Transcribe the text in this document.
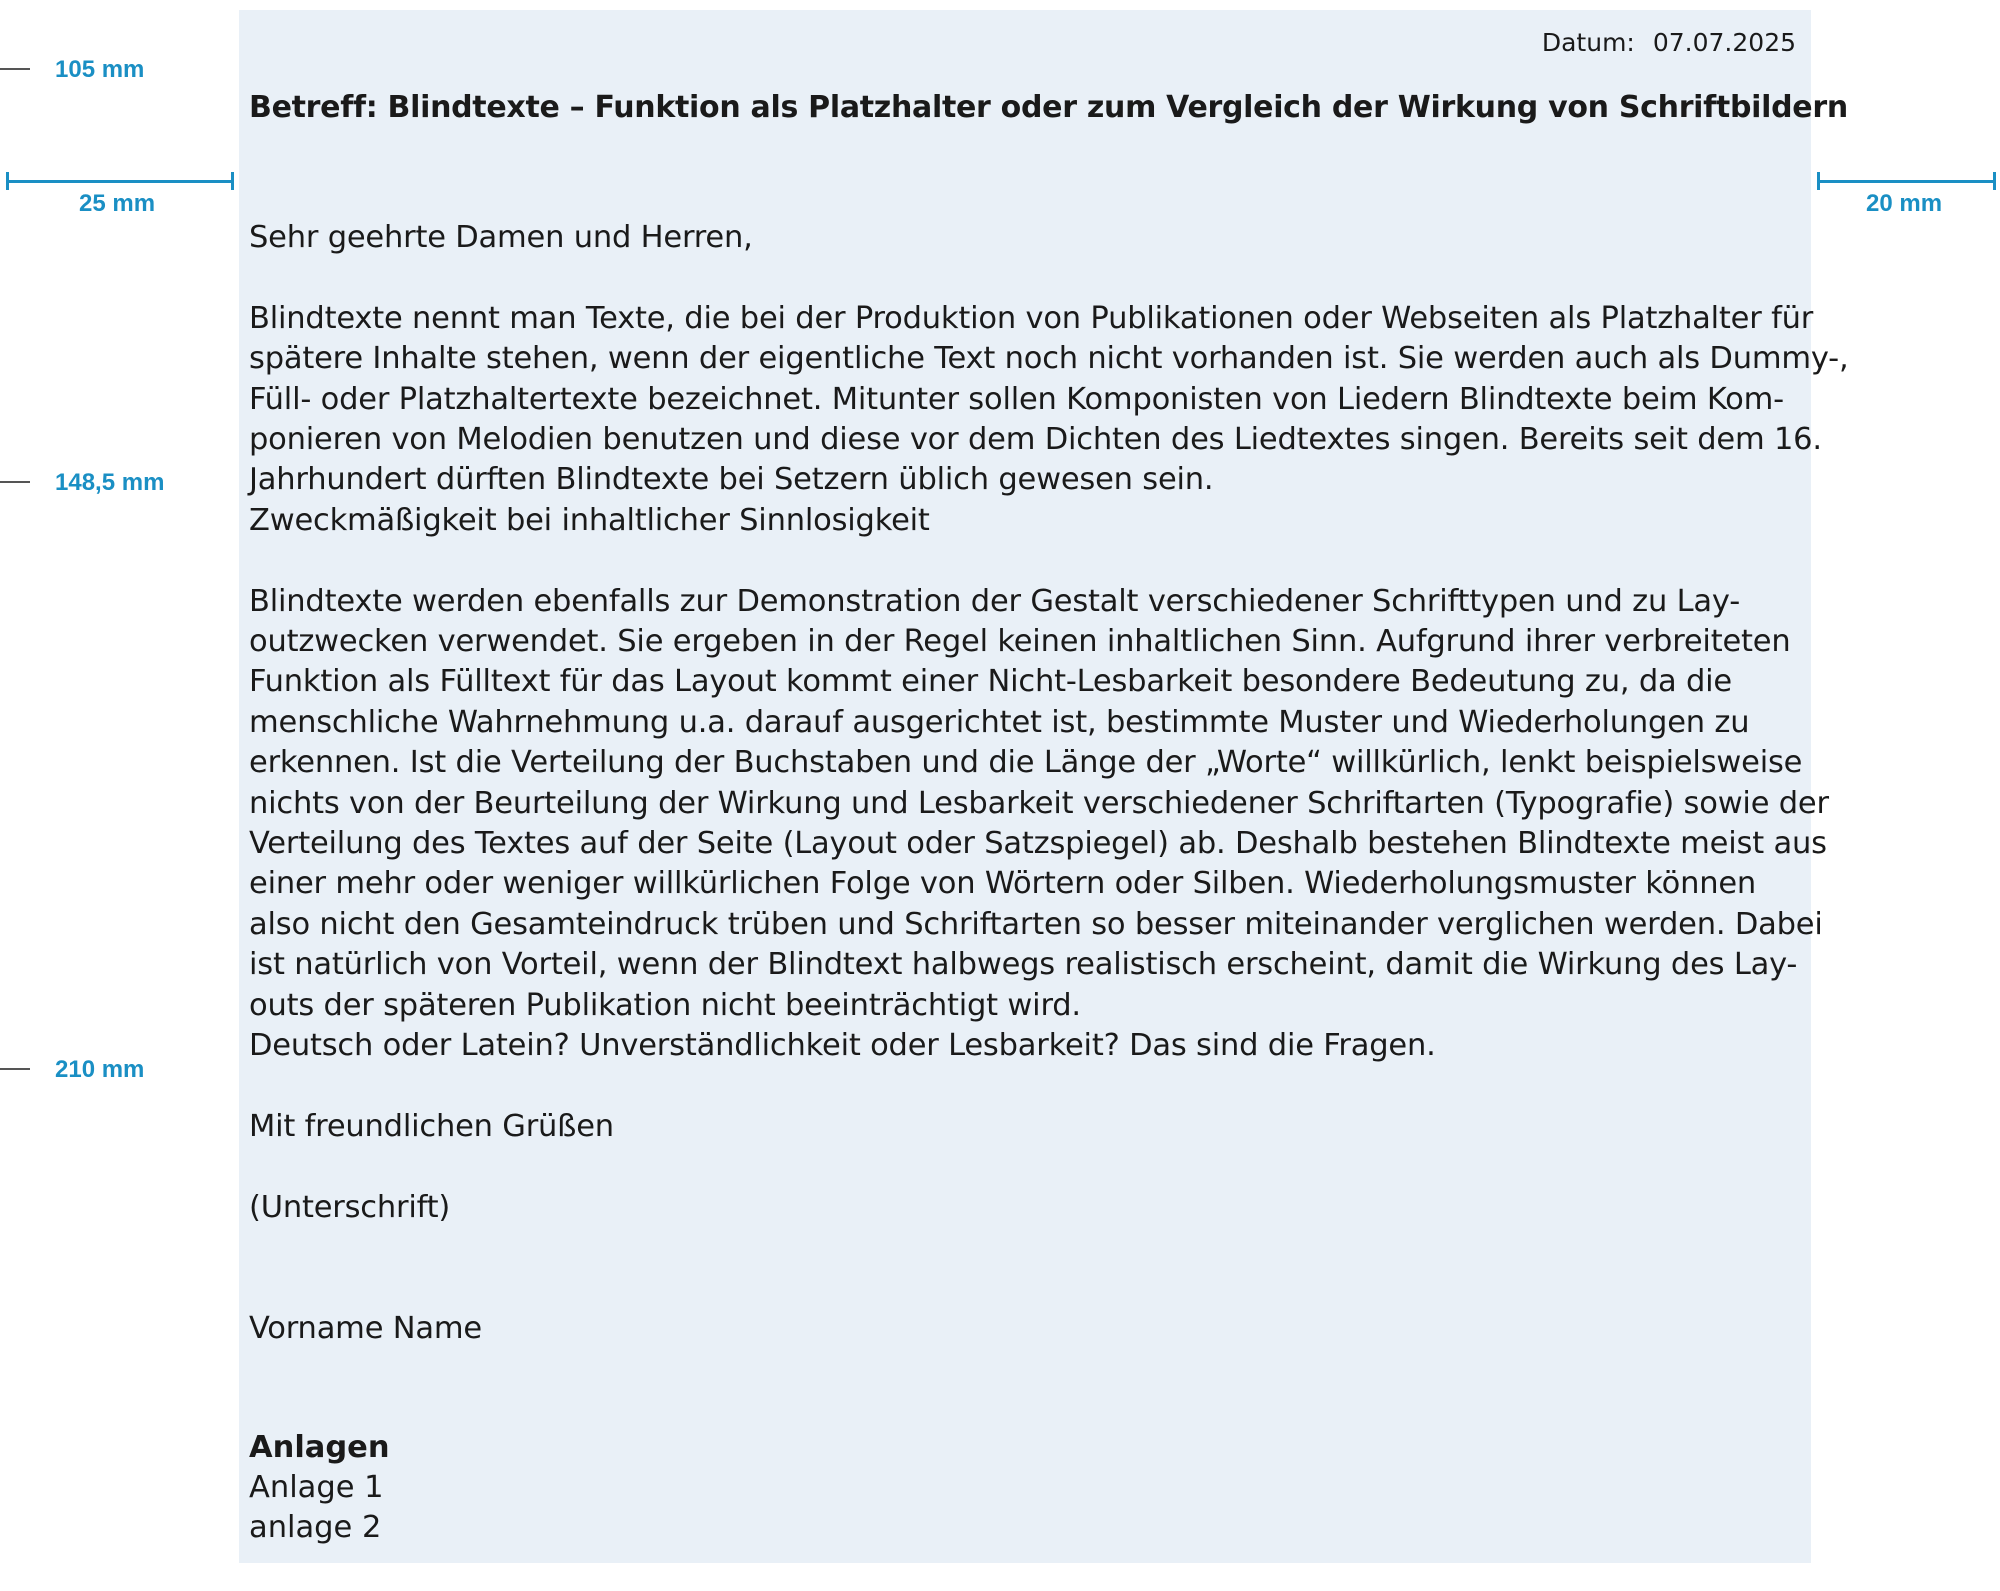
105 mm
25 mm	20 mm
148,5 mm
210 mm
Datum: 07.07.2025
Betreff: Blindtexte – Funktion als Platzhalter oder zum Vergleich der Wirkung von Schriftbildern
Sehr geehrte Damen und Herren,
Blindtexte nennt man Texte, die bei der Produktion von Publikationen oder Webseiten als Platzhalter für
spätere Inhalte stehen, wenn der eigentliche Text noch nicht vorhanden ist. Sie werden auch als Dummy-,
Füll- oder Platzhaltertexte bezeichnet. Mitunter sollen Komponisten von Liedern Blindtexte beim Kom-
ponieren von Melodien benutzen und diese vor dem Dichten des Liedtextes singen. Bereits seit dem 16.
Jahrhundert dürften Blindtexte bei Setzern üblich gewesen sein.
Zweckmäßigkeit bei inhaltlicher Sinnlosigkeit
Blindtexte werden ebenfalls zur Demonstration der Gestalt verschiedener Schrifttypen und zu Lay-
outzwecken verwendet. Sie ergeben in der Regel keinen inhaltlichen Sinn. Aufgrund ihrer verbreiteten
Funktion als Fülltext für das Layout kommt einer Nicht-Lesbarkeit besondere Bedeutung zu, da die
menschliche Wahrnehmung u.a. darauf ausgerichtet ist, bestimmte Muster und Wiederholungen zu
erkennen. Ist die Verteilung der Buchstaben und die Länge der „Worte“ willkürlich, lenkt beispielsweise
nichts von der Beurteilung der Wirkung und Lesbarkeit verschiedener Schriftarten (Typografie) sowie der
Verteilung des Textes auf der Seite (Layout oder Satzspiegel) ab. Deshalb bestehen Blindtexte meist aus
einer mehr oder weniger willkürlichen Folge von Wörtern oder Silben. Wiederholungsmuster können
also nicht den Gesamteindruck trüben und Schriftarten so besser miteinander verglichen werden. Dabei
ist natürlich von Vorteil, wenn der Blindtext halbwegs realistisch erscheint, damit die Wirkung des Lay-
outs der späteren Publikation nicht beeinträchtigt wird.
Deutsch oder Latein? Unverständlichkeit oder Lesbarkeit? Das sind die Fragen.
Mit freundlichen Grüßen
(Unterschrift)
Vorname Name
Anlagen
Anlage 1
anlage 2
